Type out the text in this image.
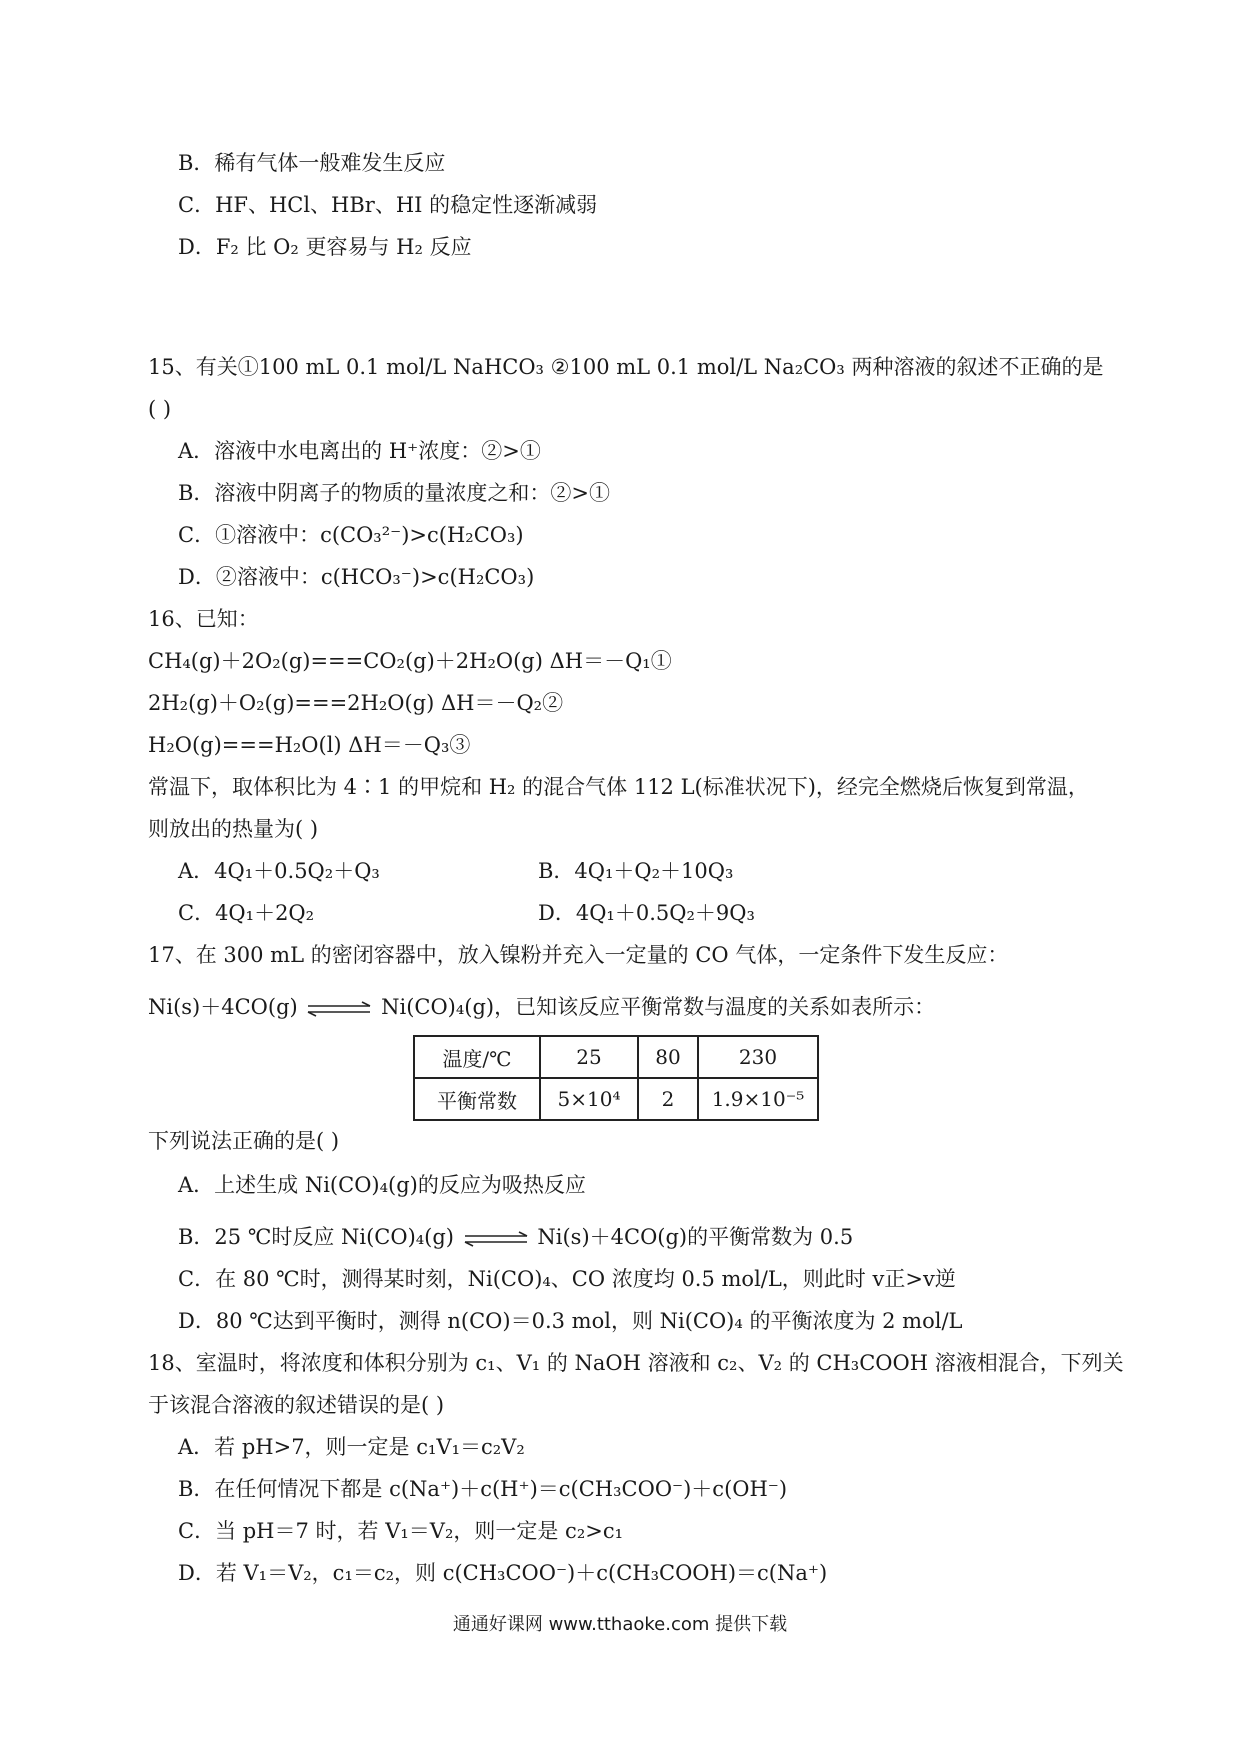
B．稀有气体一般难发生反应
C．HF、HCl、HBr、HI 的稳定性逐渐减弱
D．F₂ 比 O₂ 更容易与 H₂ 反应
15、有关①100 mL 0.1 mol/L NaHCO₃ ②100 mL 0.1 mol/L Na₂CO₃ 两种溶液的叙述不正确的是
( )
A．溶液中水电离出的 H⁺浓度：②>①
B．溶液中阴离子的物质的量浓度之和：②>①
C．①溶液中：c(CO₃²⁻)>c(H₂CO₃)
D．②溶液中：c(HCO₃⁻)>c(H₂CO₃)
16、已知：
CH₄(g)＋2O₂(g)===CO₂(g)＋2H₂O(g) ΔH＝－Q₁①
2H₂(g)＋O₂(g)===2H₂O(g) ΔH＝－Q₂②
H₂O(g)===H₂O(l) ΔH＝－Q₃③
常温下，取体积比为 4∶1 的甲烷和 H₂ 的混合气体 112 L(标准状况下)，经完全燃烧后恢复到常温，
则放出的热量为( )
A．4Q₁＋0.5Q₂＋Q₃	B．4Q₁＋Q₂＋10Q₃
C．4Q₁＋2Q₂	D．4Q₁＋0.5Q₂＋9Q₃
17、在 300 mL 的密闭容器中，放入镍粉并充入一定量的 CO 气体，一定条件下发生反应：
Ni(s)＋4CO(g) ⇌ Ni(CO)₄(g)，已知该反应平衡常数与温度的关系如表所示：
温度/℃	25	80	230
平衡常数	5×10⁴	2	1.9×10⁻⁵
下列说法正确的是( )
A．上述生成 Ni(CO)₄(g)的反应为吸热反应
B．25 ℃时反应 Ni(CO)₄(g) ⇌ Ni(s)＋4CO(g)的平衡常数为 0.5
C．在 80 ℃时，测得某时刻，Ni(CO)₄、CO 浓度均 0.5 mol/L，则此时 v正>v逆
D．80 ℃达到平衡时，测得 n(CO)＝0.3 mol，则 Ni(CO)₄ 的平衡浓度为 2 mol/L
18、室温时，将浓度和体积分别为 c₁、V₁ 的 NaOH 溶液和 c₂、V₂ 的 CH₃COOH 溶液相混合，下列关
于该混合溶液的叙述错误的是( )
A．若 pH>7，则一定是 c₁V₁＝c₂V₂
B．在任何情况下都是 c(Na⁺)＋c(H⁺)＝c(CH₃COO⁻)＋c(OH⁻)
C．当 pH＝7 时，若 V₁＝V₂，则一定是 c₂>c₁
D．若 V₁＝V₂，c₁＝c₂，则 c(CH₃COO⁻)＋c(CH₃COOH)＝c(Na⁺)
通通好课网 www.tthaoke.com 提供下载
